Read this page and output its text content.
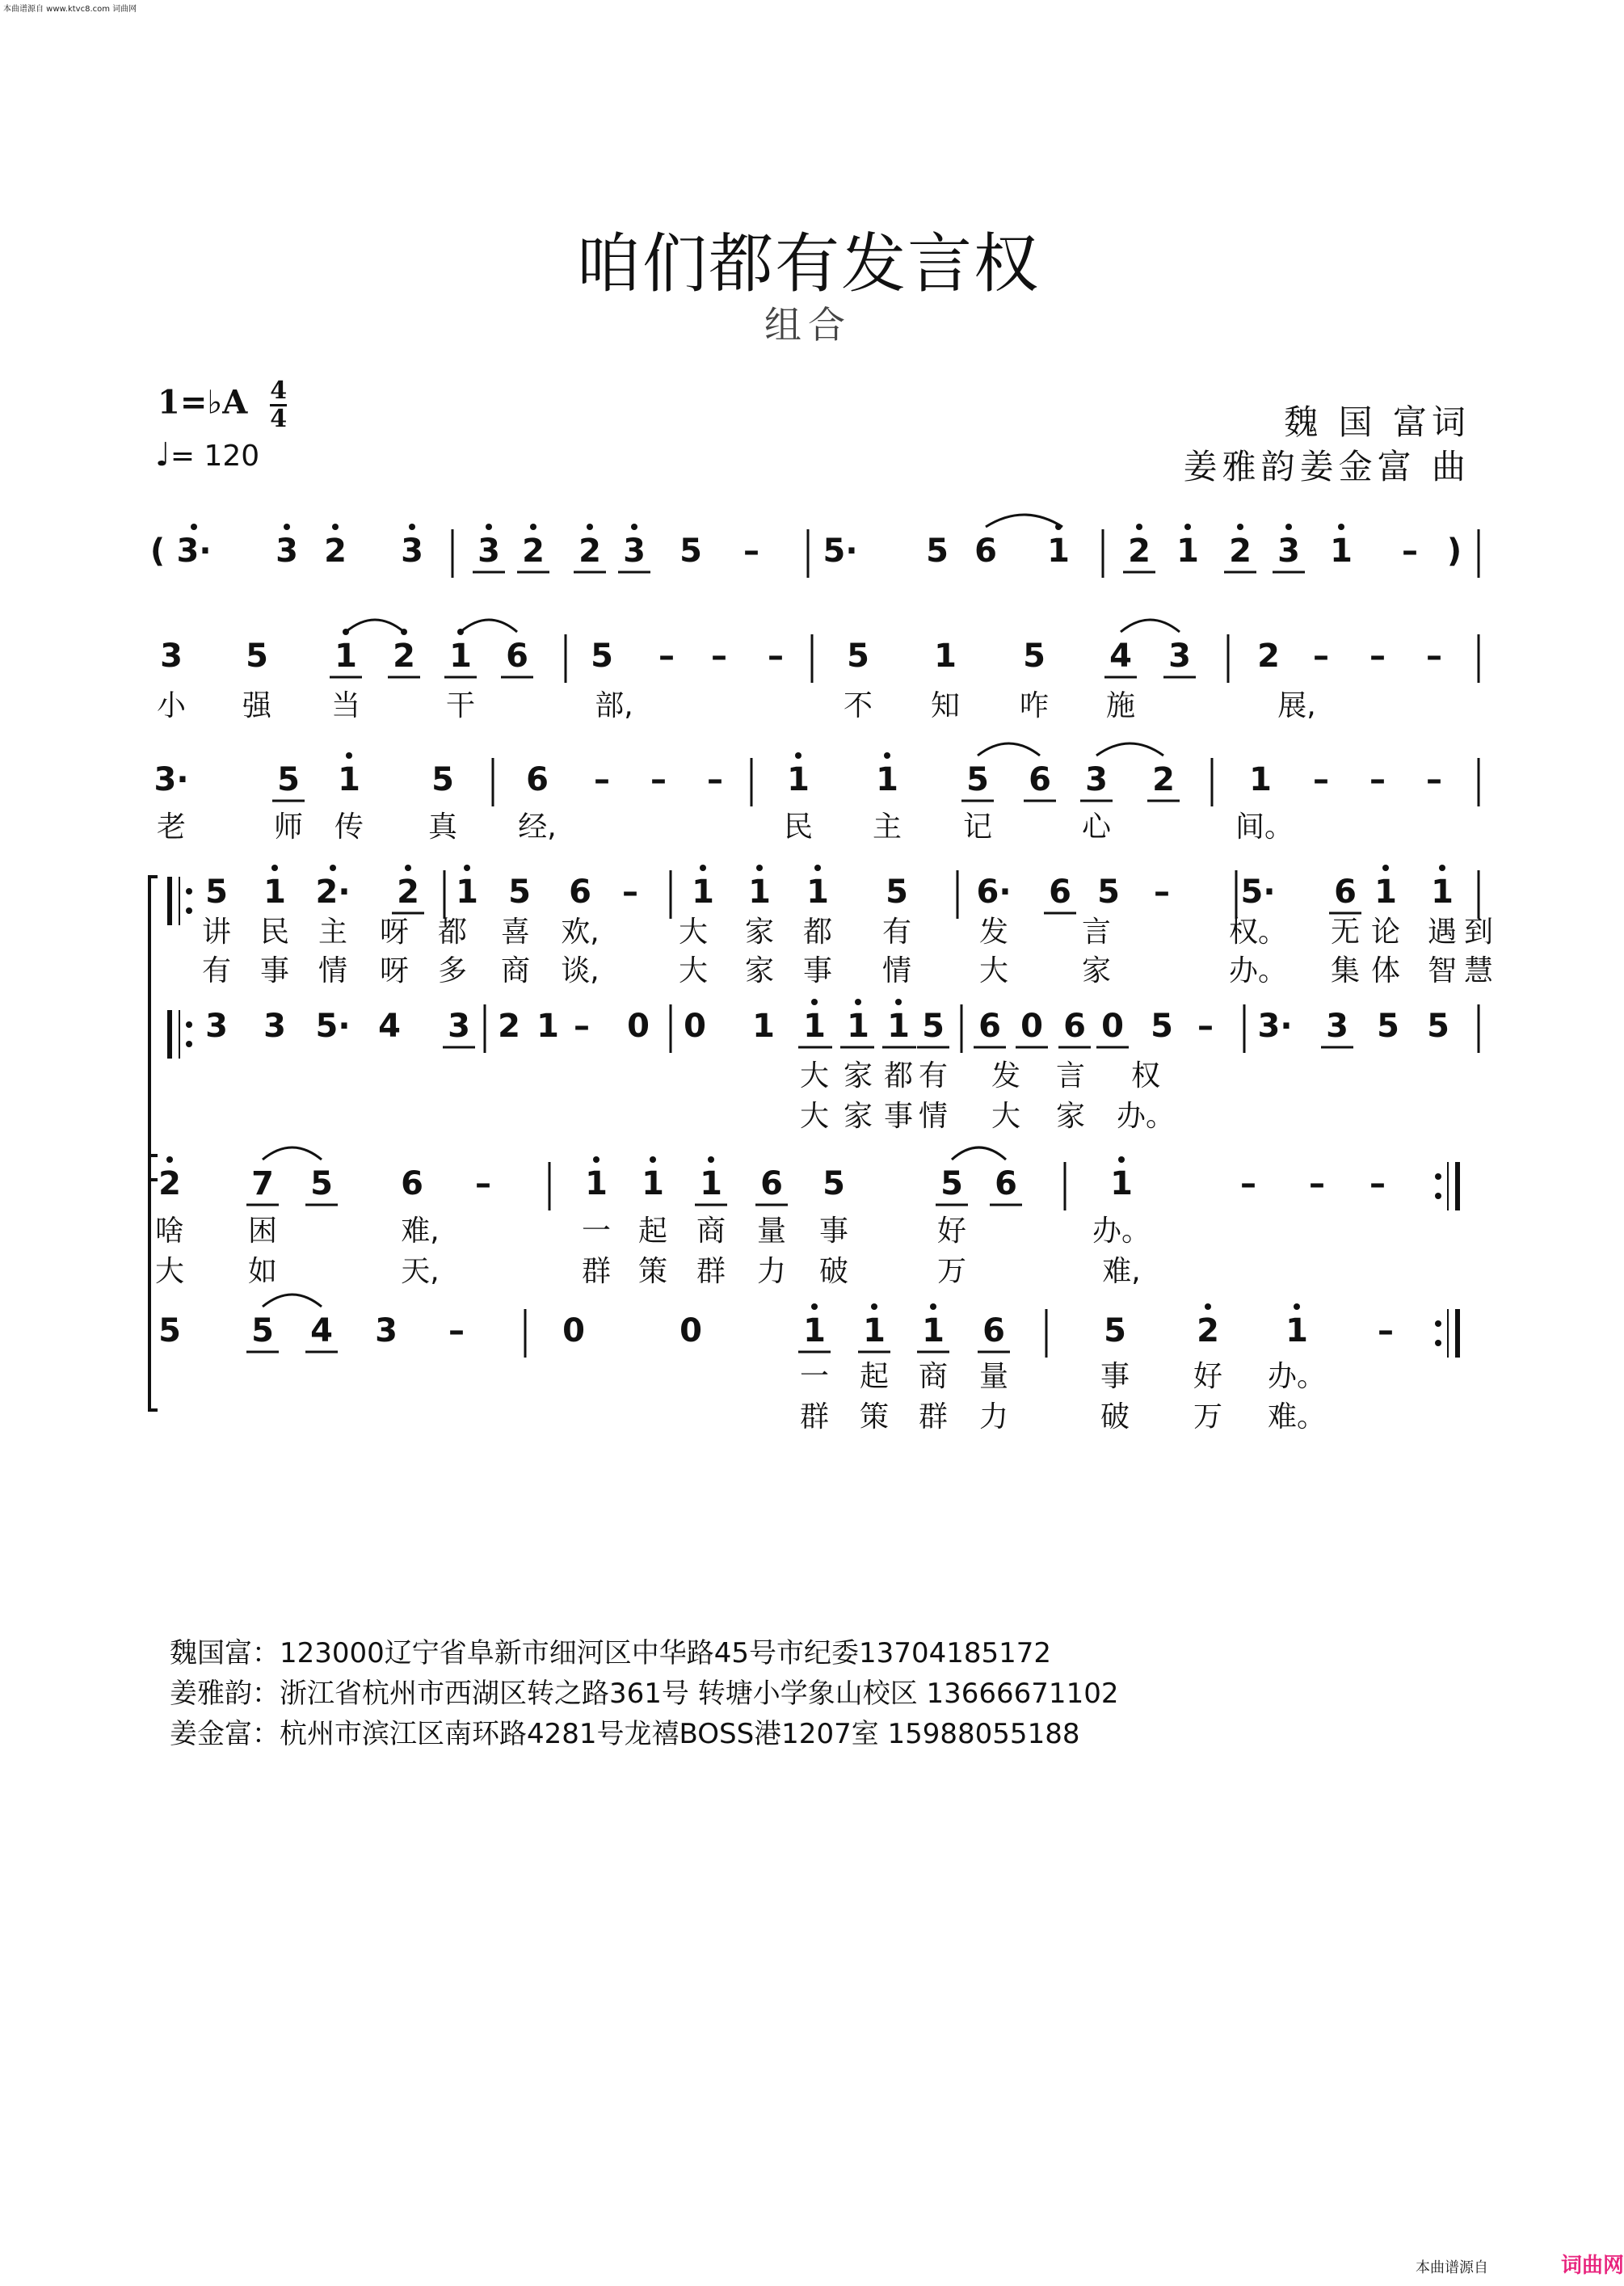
本曲谱源自 www.ktvc8.com 词曲网
咱们都有发言权
组合
1=♭A $\frac{4}{4}$
♩= 120
魏 国 富词
姜雅韵姜金富 曲
( 3· 3 2 3 3 2 2 3 5 – 5· 5 6 1 2 1 2 3 1 – )
3 5 1 2 1 6 5 – – – 5 1 5 4 3 2 – – –
小 强 当	干	部,	不 知 咋 施	展,
3·	5 1 5 6 – – – 1 1 5 6 3 2 1 – – –
老	师 传 真 经,	民 主 记	心	间。
5 1 2· 2 1 5 6 – 1 1 1 5 6· 6 5 – 5· 6 1 1
讲 民 主 呀 都 喜 欢,	大 家 都 有 发	言	权。 无 论 遇 到
有 事 情 呀 多 商 谈,	大 家 事 情 大	家	办。 集 体 智 慧
3 3 5· 4 3 2 1 – 0 0 1 1 1 1 5 6 0 6 0 5 – 3· 3 5 5
大 家 都 有 发 言 权
大 家 事 情 大 家 办。
2 7 5 6 –	1 1 1 6 5	5 6	1	– – –
啥 困	难,	一 起 商 量 事	好	办。
大 如	天,	群 策 群 力 破	万	难,
5 5 4 3 –	0	0	1 1 1 6	5 2 1 –
一 起 商 量	事 好 办。
群 策 群 力	破 万 难。
魏国富：123000辽宁省阜新市细河区中华路45号市纪委13704185172
姜雅韵：浙江省杭州市西湖区转之路361号 转塘小学象山校区 13666671102
姜金富：杭州市滨江区南环路4281号龙禧BOSS港1207室 15988055188
本曲谱源自	词曲网
